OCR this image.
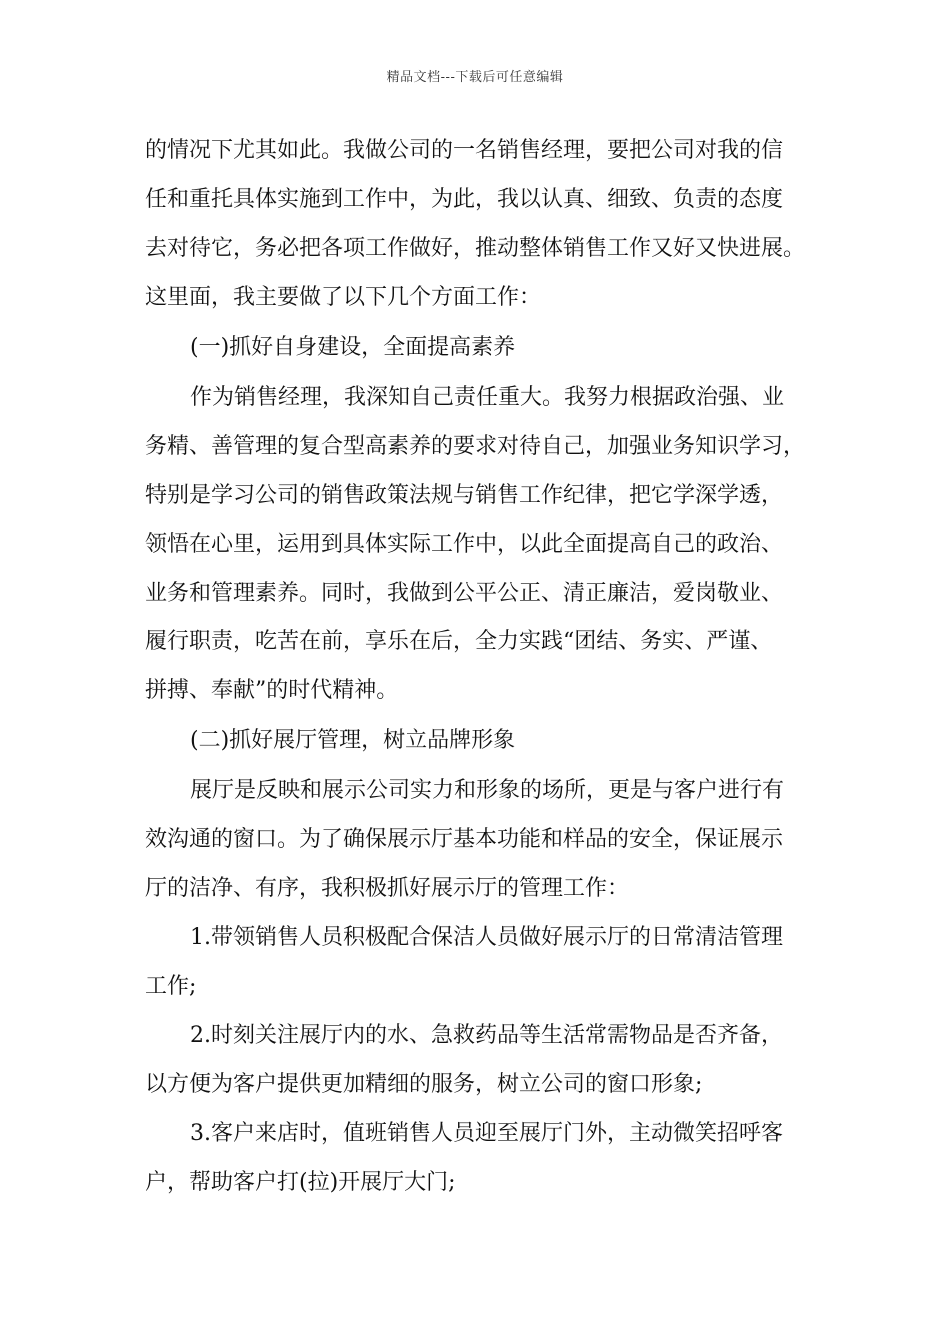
精品文档---下载后可任意编辑
的情况下尤其如此。我做公司的一名销售经理，要把公司对我的信
任和重托具体实施到工作中，为此，我以认真、细致、负责的态度
去对待它，务必把各项工作做好，推动整体销售工作又好又快进展。
这里面，我主要做了以下几个方面工作：
(一)抓好自身建设，全面提高素养
作为销售经理，我深知自己责任重大。我努力根据政治强、业
务精、善管理的复合型高素养的要求对待自己，加强业务知识学习，
特别是学习公司的销售政策法规与销售工作纪律，把它学深学透，
领悟在心里，运用到具体实际工作中，以此全面提高自己的政治、
业务和管理素养。同时，我做到公平公正、清正廉洁，爱岗敬业、
履行职责，吃苦在前，享乐在后，全力实践“团结、务实、严谨、
拼搏、奉献”的时代精神。
(二)抓好展厅管理，树立品牌形象
展厅是反映和展示公司实力和形象的场所，更是与客户进行有
效沟通的窗口。为了确保展示厅基本功能和样品的安全，保证展示
厅的洁净、有序，我积极抓好展示厅的管理工作：
1.带领销售人员积极配合保洁人员做好展示厅的日常清洁管理
工作;
2.时刻关注展厅内的水、急救药品等生活常需物品是否齐备，
以方便为客户提供更加精细的服务，树立公司的窗口形象;
3.客户来店时，值班销售人员迎至展厅门外，主动微笑招呼客
户，帮助客户打(拉)开展厅大门;
